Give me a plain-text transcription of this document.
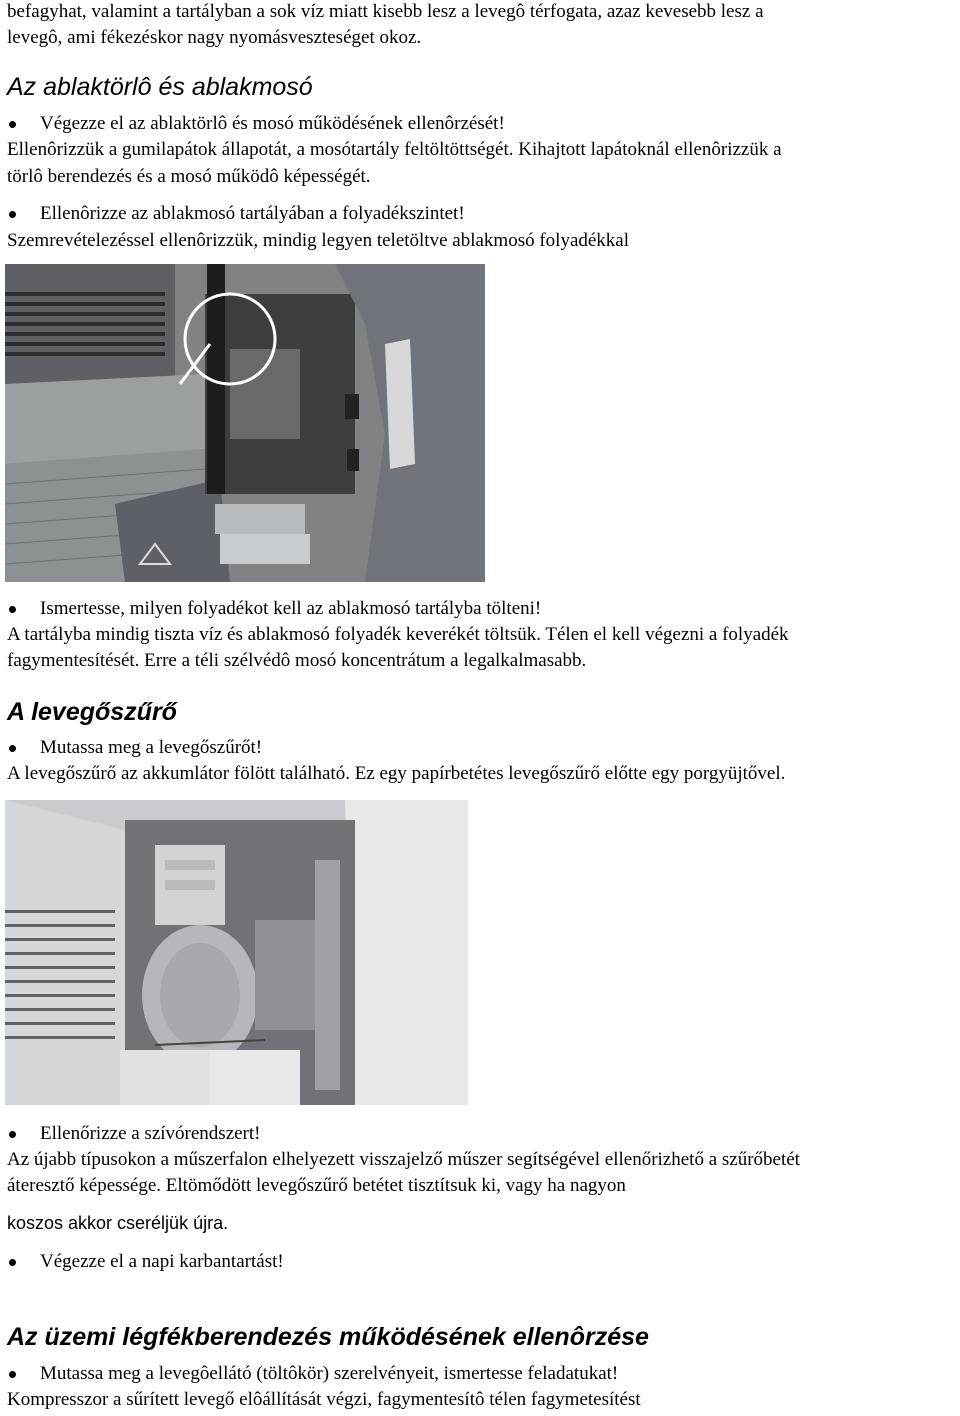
befagyhat, valamint a tartályban a sok víz miatt kisebb lesz a levegô térfogata, azaz kevesebb lesz a
levegô, ami fékezéskor nagy nyomásveszteséget okoz.
Az ablaktörlô és ablakmosó
Végezze el az ablaktörlô és mosó működésének ellenôrzését!
Ellenôrizzük a gumilapátok állapotát, a mosótartály feltöltöttségét. Kihajtott lapátoknál ellenôrizzük a
törlô berendezés és a mosó működô képességét.
Ellenôrizze az ablakmosó tartályában a folyadékszintet!
Szemrevételezéssel ellenôrizzük, mindig legyen teletöltve ablakmosó folyadékkal
Ismertesse, milyen folyadékot kell az ablakmosó tartályba tölteni!
A tartályba mindig tiszta víz és ablakmosó folyadék keverékét töltsük. Télen el kell végezni a folyadék
fagymentesítését. Erre a téli szélvédô mosó koncentrátum a legalkalmasabb.
A levegőszűrő
Mutassa meg a levegőszűrőt!
A levegőszűrő az akkumlátor fölött található. Ez egy papírbetétes levegőszűrő előtte egy porgyüjtővel.
Ellenőrizze a szívórendszert!
Az újabb típusokon a műszerfalon elhelyezett visszajelző műszer segítségével ellenőrizhető a szűrőbetét
áteresztő képessége. Eltömődött levegőszűrő betétet tisztítsuk ki, vagy ha nagyon
koszos akkor cseréljük újra.
Végezze el a napi karbantartást!
Az üzemi légfékberendezés működésének ellenôrzése
Mutassa meg a levegôellátó (töltôkör) szerelvényeit, ismertesse feladatukat!
Kompresszor a sűrített levegő elôállítását végzi, fagymentesítô télen fagymetesítést
